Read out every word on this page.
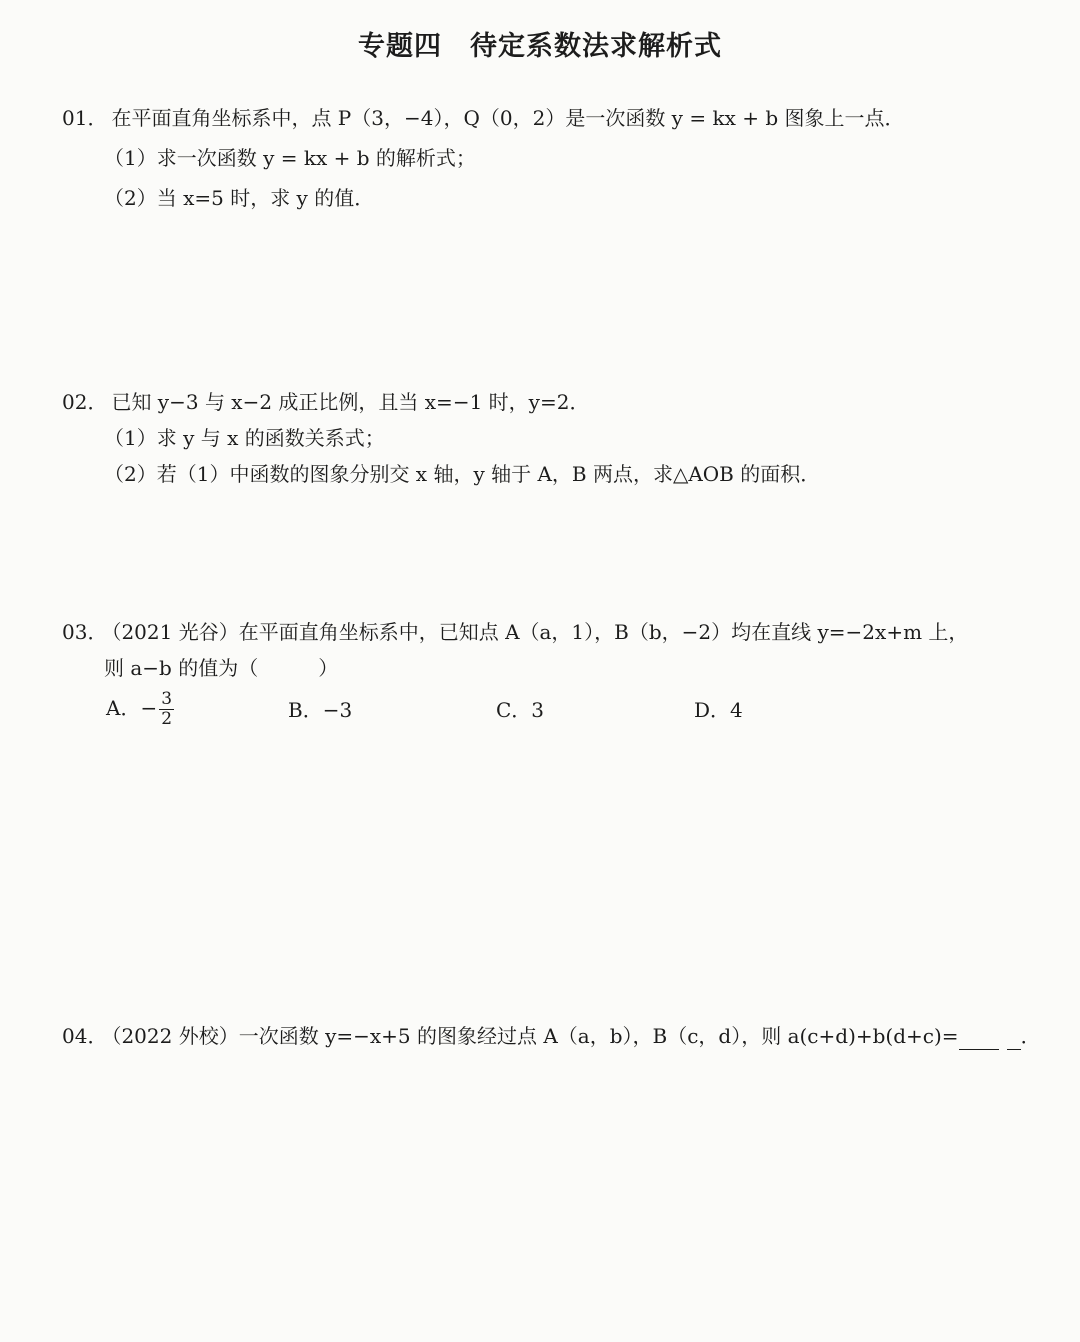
专题四　待定系数法求解析式
01． 在平面直角坐标系中，点 P（3，−4），Q（0，2）是一次函数 y = kx + b 图象上一点．
（1）求一次函数 y = kx + b 的解析式；
（2）当 x=5 时，求 y 的值．
02． 已知 y−3 与 x−2 成正比例，且当 x=−1 时，y=2．
（1）求 y 与 x 的函数关系式；
（2）若（1）中函数的图象分别交 x 轴，y 轴于 A，B 两点，求△AOB 的面积．
03． （2021 光谷）在平面直角坐标系中，已知点 A（a，1），B（b，−2）均在直线 y=−2x+m 上，
则 a−b 的值为（　　　）
A．− $\frac{3}{2}$	B．−3	C．3	D．4
04． （2022 外校）一次函数 y=−x+5 的图象经过点 A（a，b），B（c，d），则 a(c+d)+b(d+c)=	．
